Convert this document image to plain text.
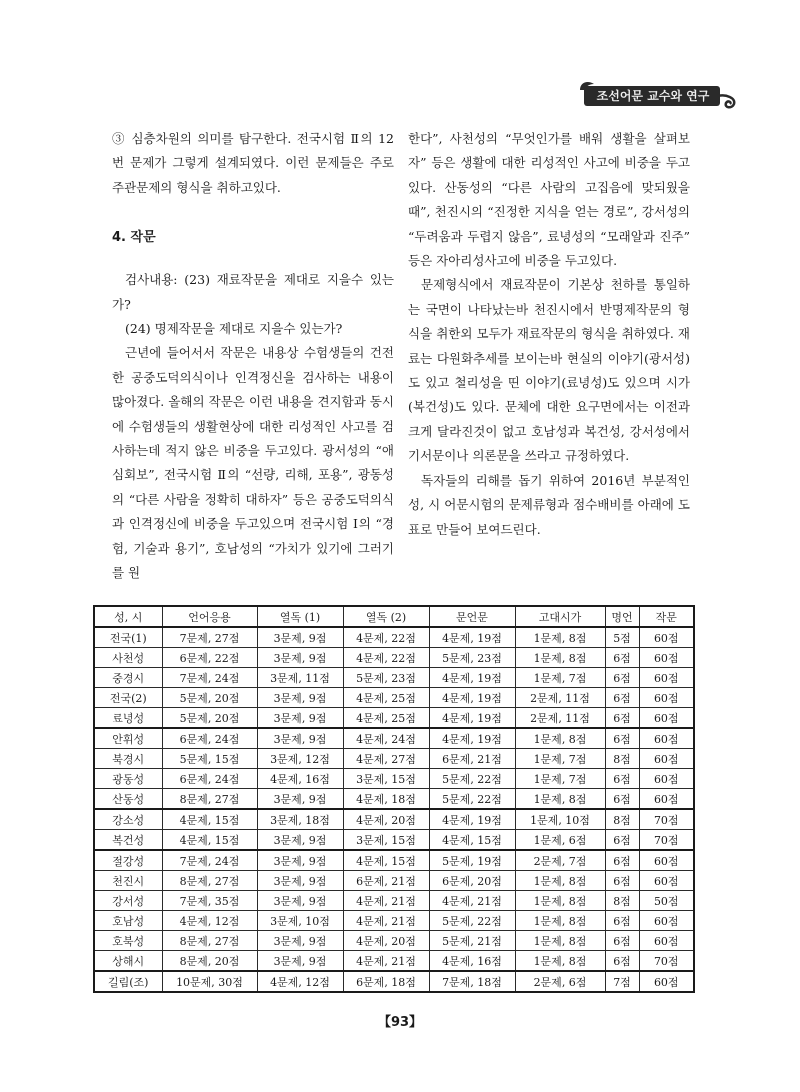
조선어문 교수와 연구

③ 심층차원의 의미를 탐구한다. 전국시험 Ⅱ의 12번 문제가 그렇게 설계되였다. 이런 문제들은 주로 주관문제의 형식을 취하고있다.

4. 작문

검사내용: (23) 재료작문을 제대로 지을수 있는가?

(24) 명제작문을 제대로 지을수 있는가?

근년에 들어서서 작문은 내용상 수험생들의 건전한 공중도덕의식이나 인격정신을 검사하는 내용이 많아졌다. 올해의 작문은 이런 내용을 견지함과 동시에 수험생들의 생활현상에 대한 리성적인 사고를 검사하는데 적지 않은 비중을 두고있다. 광서성의 “애심회보”, 전국시험 Ⅱ의 “선량, 리해, 포용”, 광동성의 “다른 사람을 정확히 대하자” 등은 공중도덕의식과 인격정신에 비중을 두고있으며 전국시험 Ⅰ의 “경험, 기술과 용기”, 호남성의 “가치가 있기에 그러기를 원

한다”, 사천성의 “무엇인가를 배워 생활을 살펴보자” 등은 생활에 대한 리성적인 사고에 비중을 두고있다. 산동성의 “다른 사람의 고집음에 맞되웠을 때”, 천진시의 “진정한 지식을 얻는 경로”, 강서성의 “두려움과 두렵지 않음”, 료녕성의 “모래알과 진주” 등은 자아리성사고에 비중을 두고있다.

문제형식에서 재료작문이 기본상 천하를 통일하는 국면이 나타났는바 천진시에서 반명제작문의 형식을 취한외 모두가 재료작문의 형식을 취하였다. 재료는 다원화추세를 보이는바 현실의 이야기(광서성)도 있고 철리성을 띤 이야기(료녕성)도 있으며 시가(복건성)도 있다. 문체에 대한 요구면에서는 이전과 크게 달라진것이 없고 호남성과 복건성, 강서성에서 기서문이나 의론문을 쓰라고 규정하였다.

독자들의 리해를 돕기 위하여 2016년 부분적인 성, 시 어문시험의 문제류형과 점수배비를 아래에 도표로 만들어 보여드린다.

성, 시	언어응용	열독 (1)	열독 (2)	문언문	고대시가	명언	작문
전국(1)	7문제, 27점	3문제, 9점	4문제, 22점	4문제, 19점	1문제, 8점	5점	60점
사천성	6문제, 22점	3문제, 9점	4문제, 22점	5문제, 23점	1문제, 8점	6점	60점
중경시	7문제, 24점	3문제, 11점	5문제, 23점	4문제, 19점	1문제, 7점	6점	60점
전국(2)	5문제, 20점	3문제, 9점	4문제, 25점	4문제, 19점	2문제, 11점	6점	60점
료녕성	5문제, 20점	3문제, 9점	4문제, 25점	4문제, 19점	2문제, 11점	6점	60점
안휘성	6문제, 24점	3문제, 9점	4문제, 24점	4문제, 19점	1문제, 8점	6점	60점
북경시	5문제, 15점	3문제, 12점	4문제, 27점	6문제, 21점	1문제, 7점	8점	60점
광동성	6문제, 24점	4문제, 16점	3문제, 15점	5문제, 22점	1문제, 7점	6점	60점
산동성	8문제, 27점	3문제, 9점	4문제, 18점	5문제, 22점	1문제, 8점	6점	60점
강소성	4문제, 15점	3문제, 18점	4문제, 20점	4문제, 19점	1문제, 10점	8점	70점
복건성	4문제, 15점	3문제, 9점	3문제, 15점	4문제, 15점	1문제, 6점	6점	70점
절강성	7문제, 24점	3문제, 9점	4문제, 15점	5문제, 19점	2문제, 7점	6점	60점
천진시	8문제, 27점	3문제, 9점	6문제, 21점	6문제, 20점	1문제, 8점	6점	60점
강서성	7문제, 35점	3문제, 9점	4문제, 21점	4문제, 21점	1문제, 8점	8점	50점
호남성	4문제, 12점	3문제, 10점	4문제, 21점	5문제, 22점	1문제, 8점	6점	60점
호북성	8문제, 27점	3문제, 9점	4문제, 20점	5문제, 21점	1문제, 8점	6점	60점
상해시	8문제, 20점	3문제, 9점	4문제, 21점	4문제, 16점	1문제, 8점	6점	70점
길림(조)	10문제, 30점	4문제, 12점	6문제, 18점	7문제, 18점	2문제, 6점	7점	60점
【93】
